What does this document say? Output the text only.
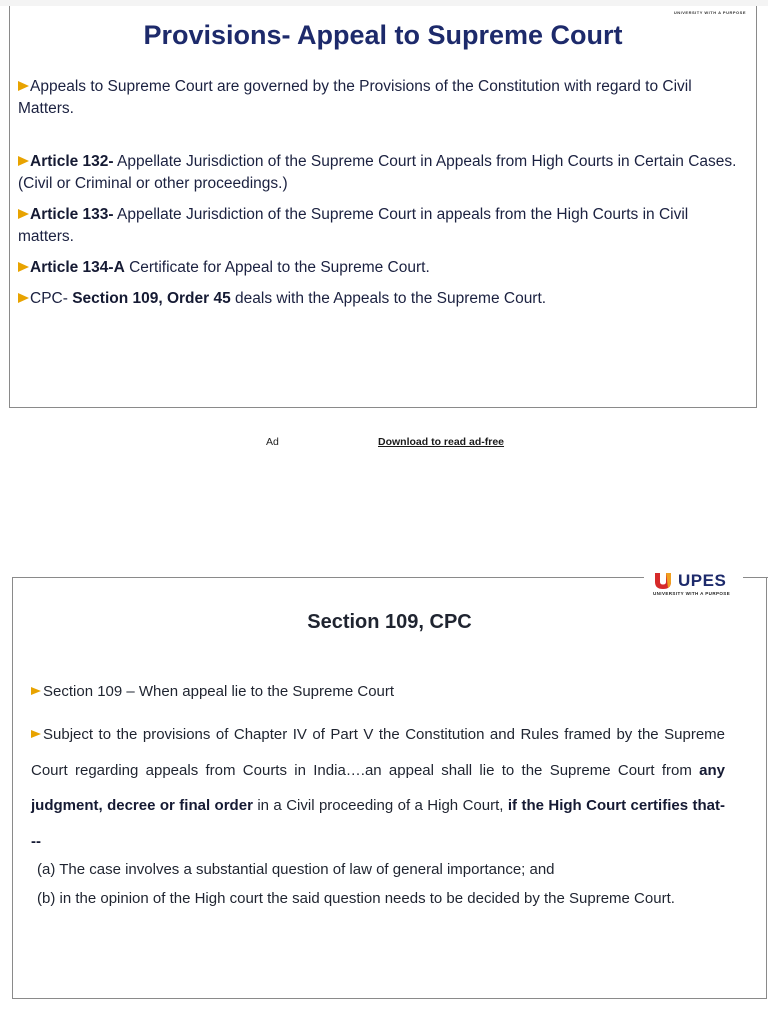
UNIVERSITY WITH A PURPOSE
Provisions- Appeal to Supreme Court
Appeals to Supreme Court are governed by the Provisions of the Constitution with regard to Civil Matters.
Article 132- Appellate Jurisdiction of the Supreme Court in Appeals from High Courts in Certain Cases. (Civil or Criminal or other proceedings.)
Article 133- Appellate Jurisdiction of the Supreme Court in appeals from the High Courts in Civil matters.
Article 134-A Certificate for Appeal to the Supreme Court.
CPC- Section 109, Order 45 deals with the Appeals to the Supreme Court.
Ad	Download to read ad-free
UPES
UNIVERSITY WITH A PURPOSE
Section 109, CPC
Section 109 – When appeal lie to the Supreme Court
Subject to the provisions of Chapter IV of Part V the Constitution and Rules framed by the Supreme Court regarding appeals from Courts in India….an appeal shall lie to the Supreme Court from any judgment, decree or final order in a Civil proceeding of a High Court, if the High Court certifies that---
(a) The case involves a substantial question of law of general importance; and
(b) in the opinion of the High court the said question needs to be decided by the Supreme Court.
